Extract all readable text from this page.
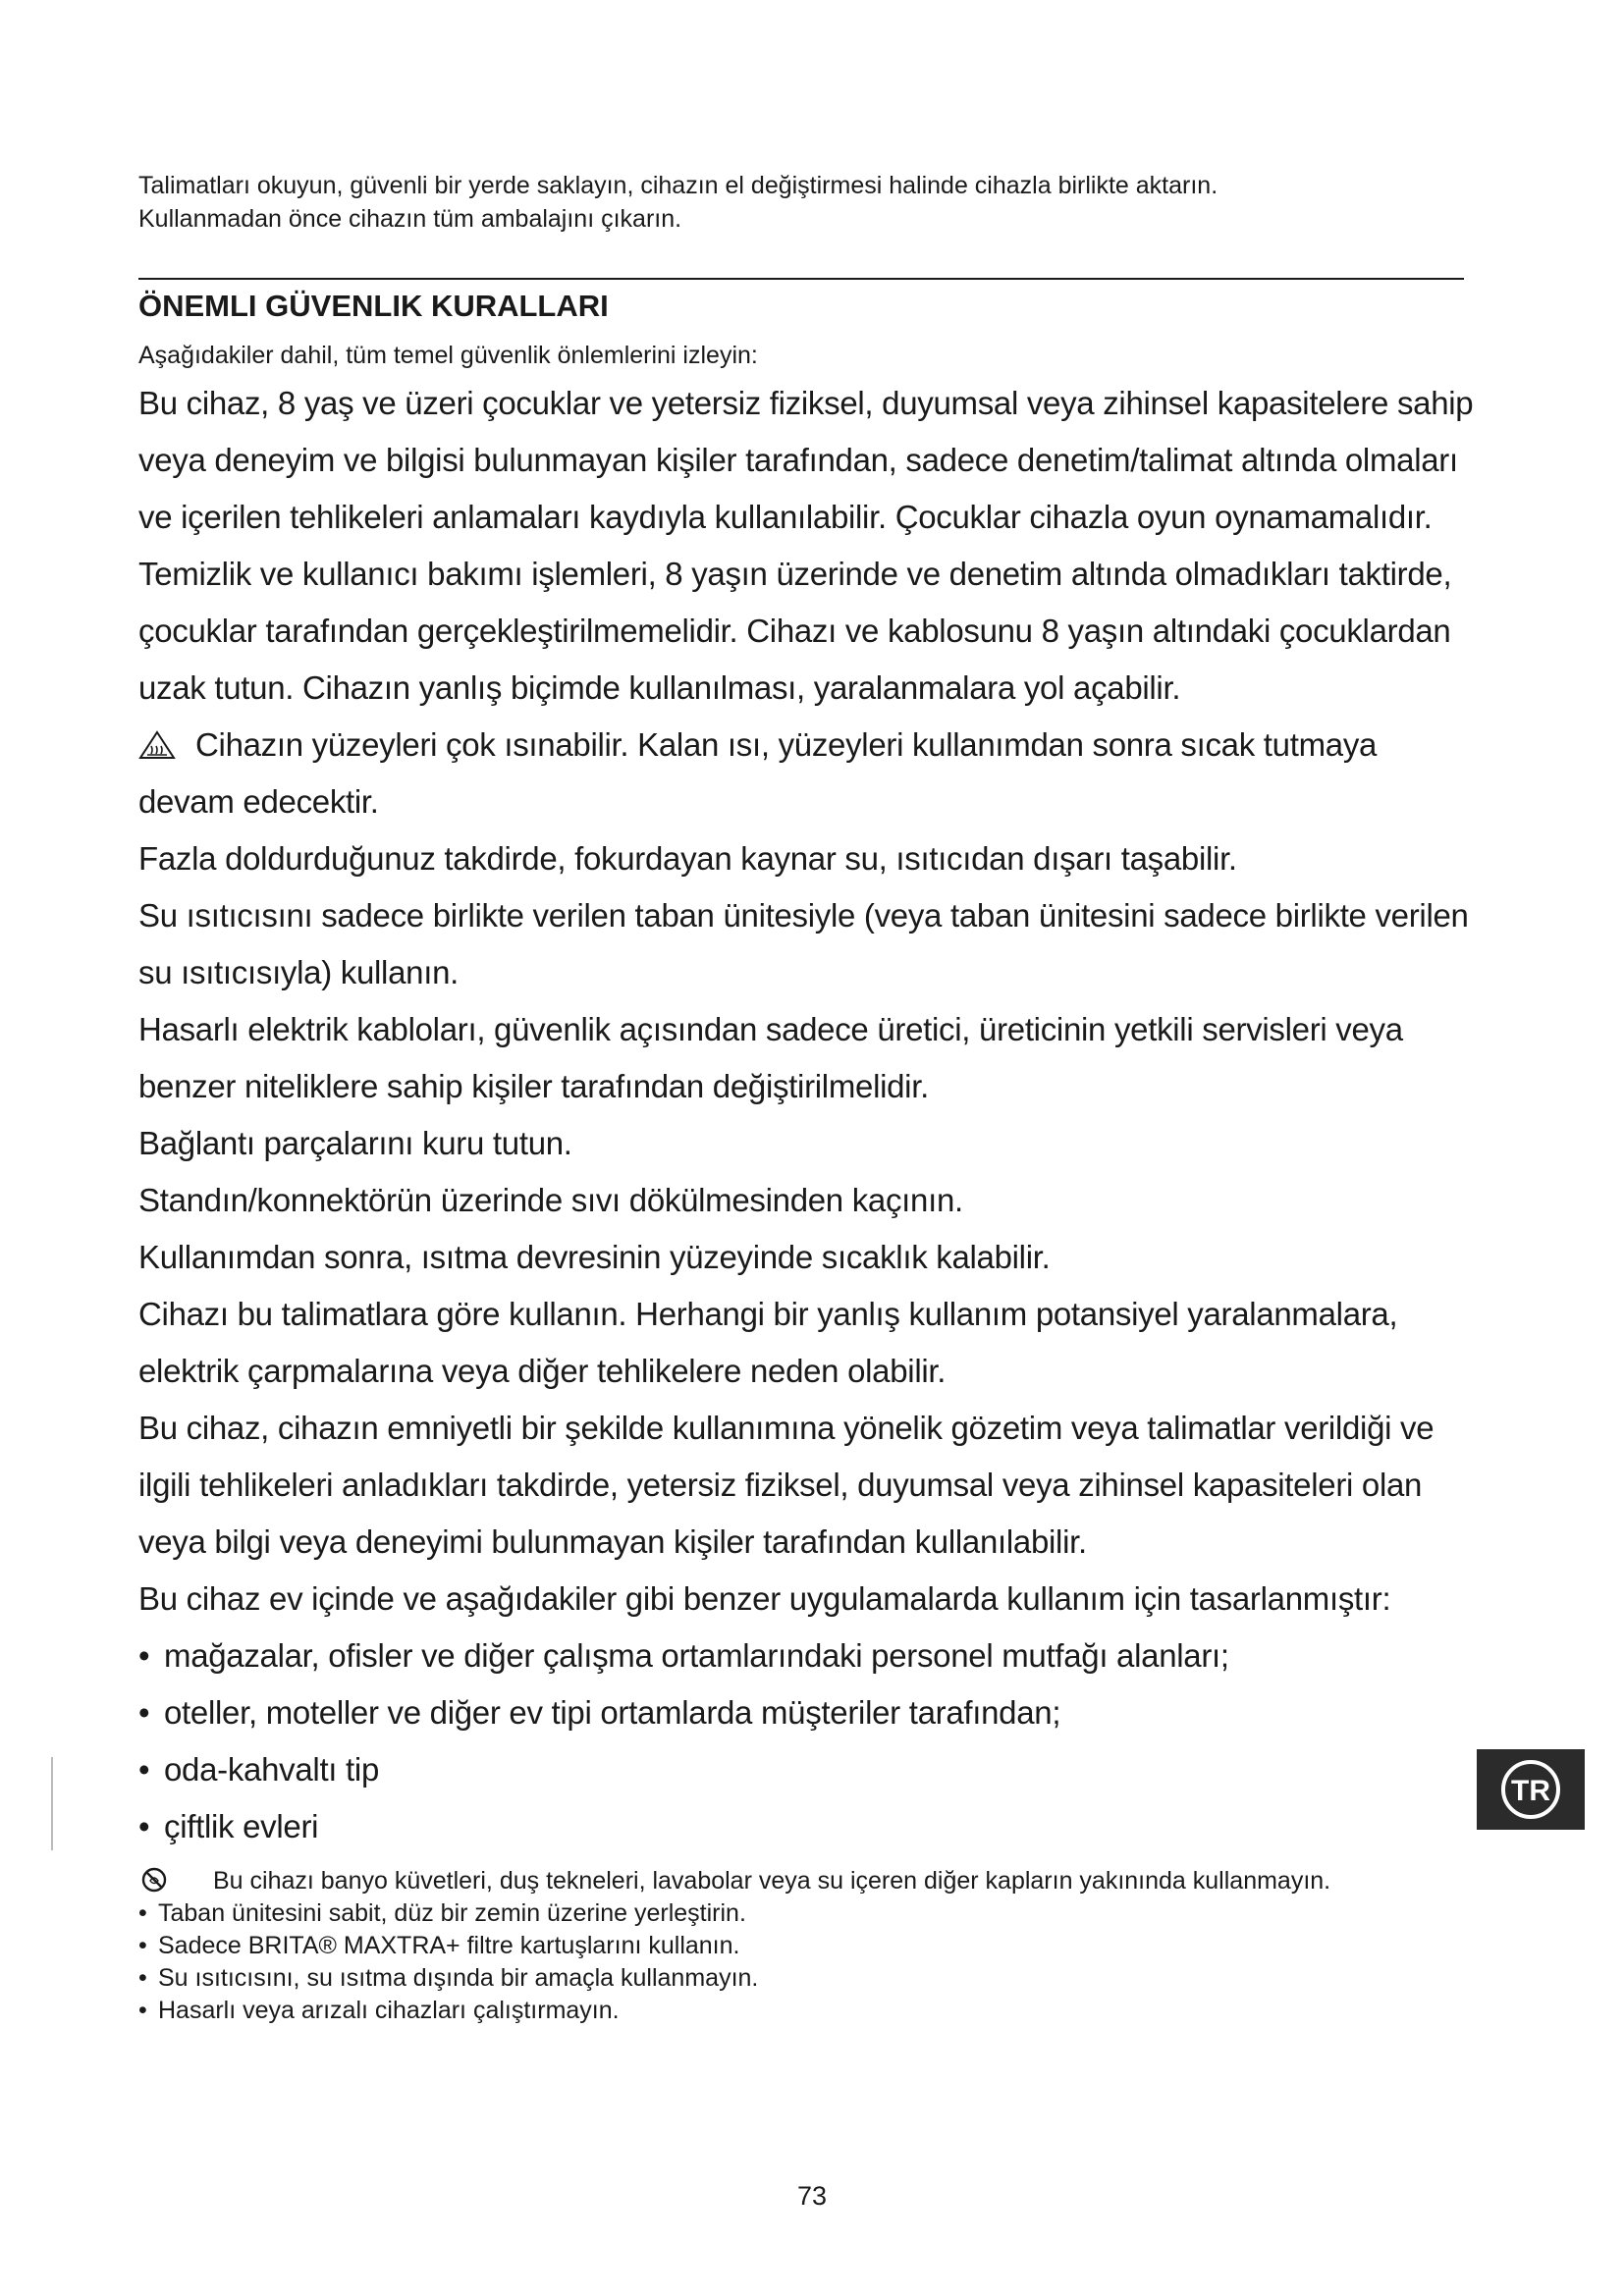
Talimatları okuyun, güvenli bir yerde saklayın, cihazın el değiştirmesi halinde cihazla birlikte aktarın.

Kullanmadan önce cihazın tüm ambalajını çıkarın.

ÖNEMLI GÜVENLIK KURALLARI

Aşağıdakiler dahil, tüm temel güvenlik önlemlerini izleyin:

Bu cihaz, 8 yaş ve üzeri çocuklar ve yetersiz fiziksel, duyumsal veya zihinsel kapasitelere sahip veya deneyim ve bilgisi bulunmayan kişiler tarafından, sadece denetim/talimat altında olmaları ve içerilen tehlikeleri anlamaları kaydıyla kullanılabilir. Çocuklar cihazla oyun oynamamalıdır. Temizlik ve kullanıcı bakımı işlemleri, 8 yaşın üzerinde ve denetim altında olmadıkları taktirde, çocuklar tarafından gerçekleştirilmemelidir. Cihazı ve kablosunu 8 yaşın altındaki çocuklardan uzak tutun. Cihazın yanlış biçimde kullanılması, yaralanmalara yol açabilir.

Cihazın yüzeyleri çok ısınabilir. Kalan ısı, yüzeyleri kullanımdan sonra sıcak tutmaya devam edecektir.

Fazla doldurduğunuz takdirde, fokurdayan kaynar su, ısıtıcıdan dışarı taşabilir.

Su ısıtıcısını sadece birlikte verilen taban ünitesiyle (veya taban ünitesini sadece birlikte verilen su ısıtıcısıyla) kullanın.

Hasarlı elektrik kabloları, güvenlik açısından sadece üretici, üreticinin yetkili servisleri veya benzer niteliklere sahip kişiler tarafından değiştirilmelidir.

Bağlantı parçalarını kuru tutun.

Standın/konnektörün üzerinde sıvı dökülmesinden kaçının.

Kullanımdan sonra, ısıtma devresinin yüzeyinde sıcaklık kalabilir.

Cihazı bu talimatlara göre kullanın. Herhangi bir yanlış kullanım potansiyel yaralanmalara, elektrik çarpmalarına veya diğer tehlikelere neden olabilir.

Bu cihaz, cihazın emniyetli bir şekilde kullanımına yönelik gözetim veya talimatlar verildiği ve ilgili tehlikeleri anladıkları takdirde, yetersiz fiziksel, duyumsal veya zihinsel kapasiteleri olan veya bilgi veya deneyimi bulunmayan kişiler tarafından kullanılabilir.

Bu cihaz ev içinde ve aşağıdakiler gibi benzer uygulamalarda kullanım için tasarlanmıştır:

• mağazalar, ofisler ve diğer çalışma ortamlarındaki personel mutfağı alanları;

• oteller, moteller ve diğer ev tipi ortamlarda müşteriler tarafından;

• oda-kahvaltı tip

• çiftlik evleri

Bu cihazı banyo küvetleri, duş tekneleri, lavabolar veya su içeren diğer kapların yakınında kullanmayın.

• Taban ünitesini sabit, düz bir zemin üzerine yerleştirin.

• Sadece BRITA® MAXTRA+ filtre kartuşlarını kullanın.

• Su ısıtıcısını, su ısıtma dışında bir amaçla kullanmayın.

• Hasarlı veya arızalı cihazları çalıştırmayın.

TR

73
